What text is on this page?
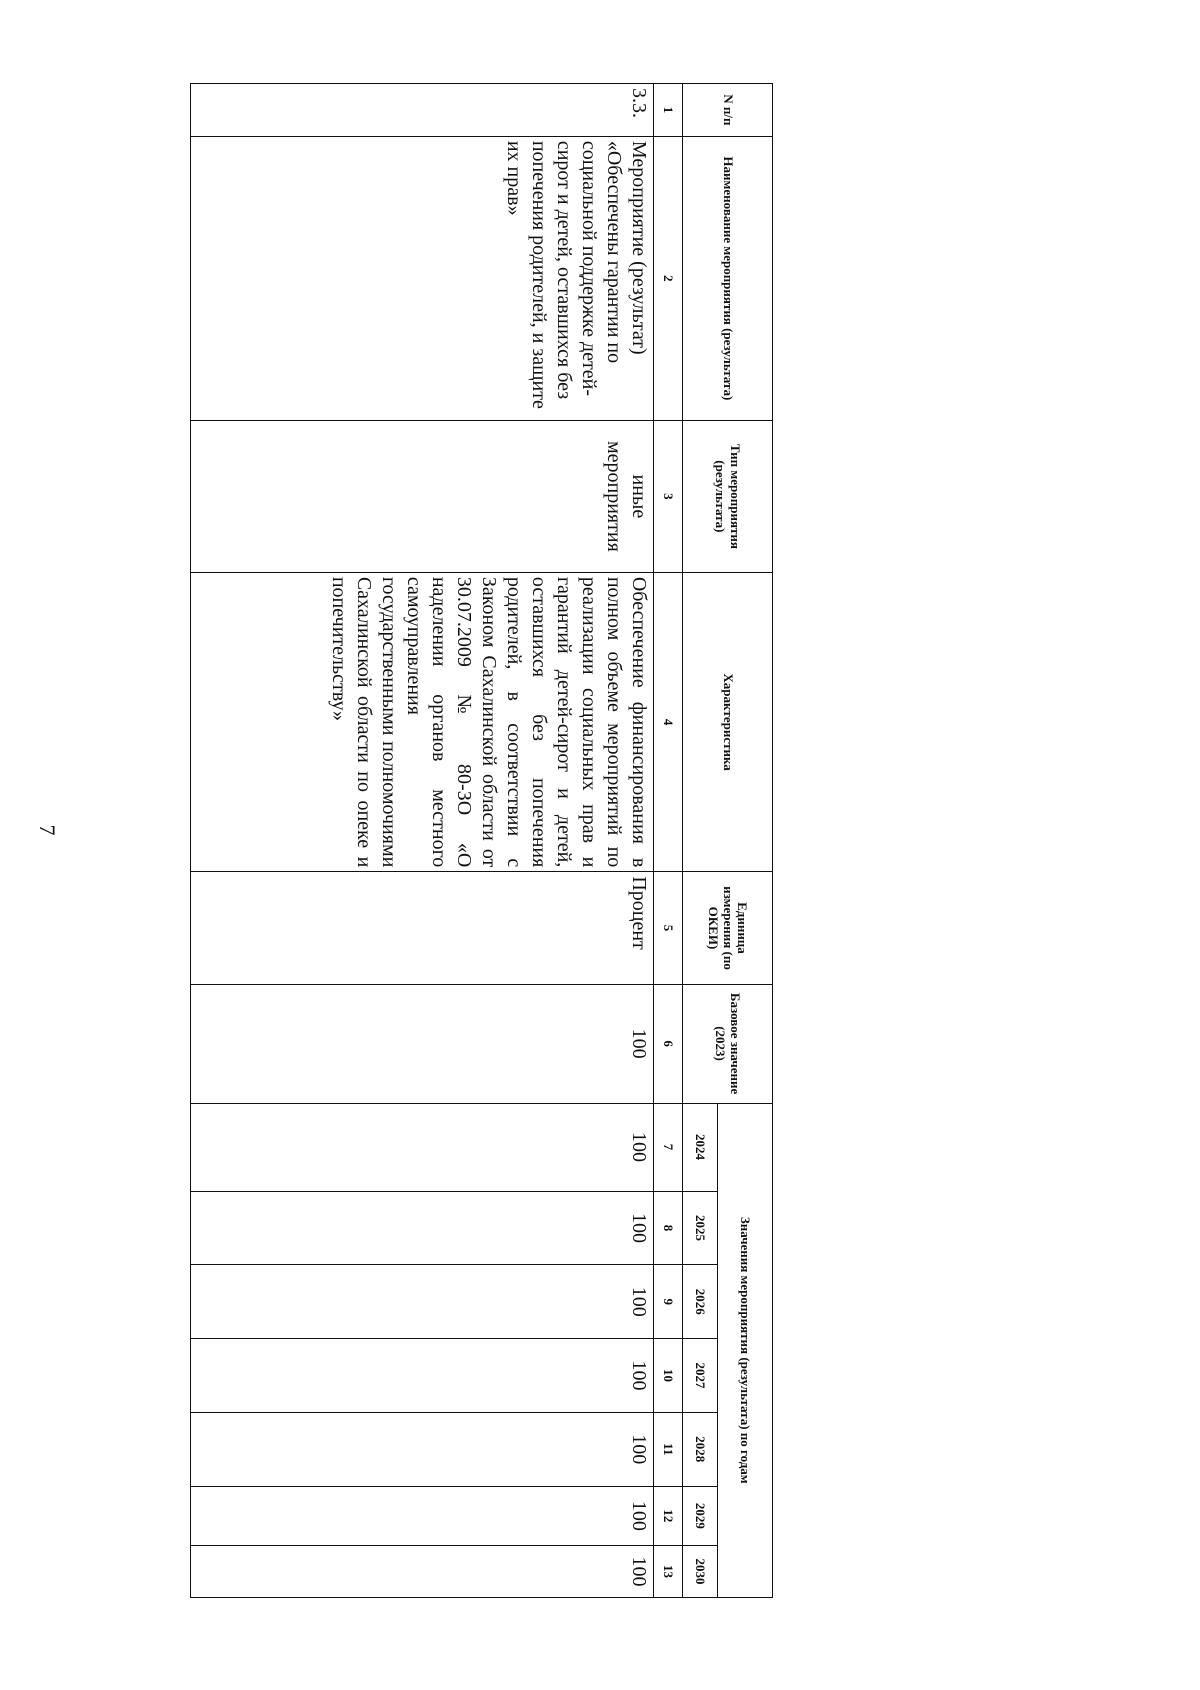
7
N п/п	Наименование мероприятия (результата)	Тип мероприятия (результата)	Характеристика	Единица измерения (по ОКЕИ)	Базовое значение (2023)	Значения мероприятия (результата) по годам						
						2024	2025	2026	2027	2028	2029	2030
1	2	3	4	5	6	7	8	9	10	11	12	13
3.3.	Мероприятие (результат) «Обеспечены гарантии по социальной поддержке детей-сирот и детей, оставшихся без попечения родителей, и защите их прав»	иные мероприятия	Обеспечение финансирования в полном объеме мероприятий по реализации социальных прав и гарантий детей-сирот и детей, оставшихся без попечения родителей, в соответствии с Законом Сахалинской области от 30.07.2009 № 80-ЗО «О наделении органов местного самоуправления государственными полномочиями Сахалинской области по опеке и попечительству»	Процент	100	100	100	100	100	100	100	100
